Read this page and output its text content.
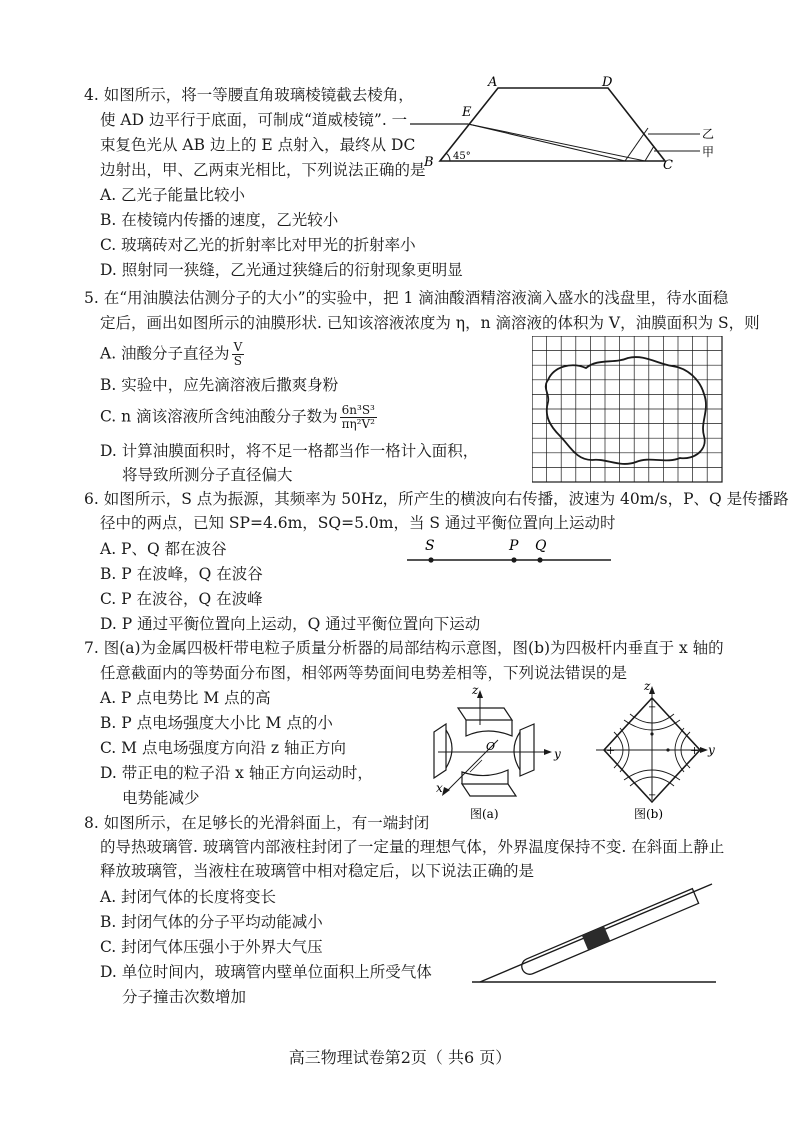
4. 如图所示，将一等腰直角玻璃棱镜截去棱角，
使 AD 边平行于底面，可制成“道威棱镜”. 一
束复色光从 AB 边上的 E 点射入，最终从 DC
边射出，甲、乙两束光相比，下列说法正确的是
A. 乙光子能量比较小
B. 在棱镜内传播的速度，乙光较小
C. 玻璃砖对乙光的折射率比对甲光的折射率小
D. 照射同一狭缝，乙光通过狭缝后的衍射现象更明显
A	D
E
B	C
45°
乙
甲
5. 在“用油膜法估测分子的大小”的实验中，把 1 滴油酸酒精溶液滴入盛水的浅盘里，待水面稳
定后，画出如图所示的油膜形状. 已知该溶液浓度为 η，n 滴溶液的体积为 V，油膜面积为 S，则
A. 油酸分子直径为 $\frac{V}{S}$
B. 实验中，应先滴溶液后撒爽身粉
C. n 滴该溶液所含纯油酸分子数为 $\frac{\text{6n³S³}}{\text{πη²V²}}$
D. 计算油膜面积时，将不足一格都当作一格计入面积，
将导致所测分子直径偏大
6. 如图所示，S 点为振源，其频率为 50Hz，所产生的横波向右传播，波速为 40m/s，P、Q 是传播路
径中的两点，已知 SP=4.6m，SQ=5.0m，当 S 通过平衡位置向上运动时
A. P、Q 都在波谷
B. P 在波峰，Q 在波谷
C. P 在波谷，Q 在波峰
D. P 通过平衡位置向上运动，Q 通过平衡位置向下运动
S	P Q
7. 图(a)为金属四极杆带电粒子质量分析器的局部结构示意图，图(b)为四极杆内垂直于 x 轴的
任意截面内的等势面分布图，相邻两等势面间电势差相等，下列说法错误的是
A. P 点电势比 M 点的高
B. P 点电场强度大小比 M 点的小
C. M 点电场强度方向沿 z 轴正方向
D. 带正电的粒子沿 x 轴正方向运动时，
电势能减少
z
y
x
O
图(a)
−
−
+	+
z
y
图(b)
8. 如图所示，在足够长的光滑斜面上，有一端封闭
的导热玻璃管. 玻璃管内部液柱封闭了一定量的理想气体，外界温度保持不变. 在斜面上静止
释放玻璃管，当液柱在玻璃管中相对稳定后，以下说法正确的是
A. 封闭气体的长度将变长
B. 封闭气体的分子平均动能减小
C. 封闭气体压强小于外界大气压
D. 单位时间内，玻璃管内壁单位面积上所受气体
分子撞击次数增加
高三物理试卷第2页（ 共6 页）
